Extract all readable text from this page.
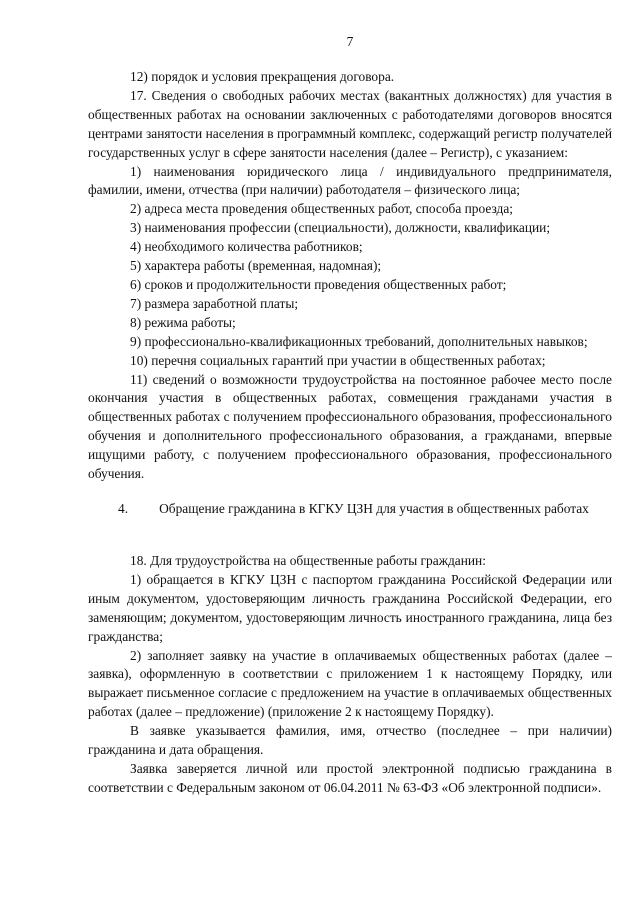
7

12) порядок и условия прекращения договора.

17. Сведения о свободных рабочих местах (вакантных должностях) для участия в общественных работах на основании заключенных с работодателями договоров вносятся центрами занятости населения в программный комплекс, содержащий регистр получателей государственных услуг в сфере занятости населения (далее – Регистр), с указанием:

1) наименования юридического лица / индивидуального предпринимателя, фамилии, имени, отчества (при наличии) работодателя – физического лица;

2) адреса места проведения общественных работ, способа проезда;

3) наименования профессии (специальности), должности, квалификации;

4) необходимого количества работников;

5) характера работы (временная, надомная);

6) сроков и продолжительности проведения общественных работ;

7) размера заработной платы;

8) режима работы;

9) профессионально-квалификационных требований, дополнительных навыков;

10) перечня социальных гарантий при участии в общественных работах;

11) сведений о возможности трудоустройства на постоянное рабочее место после окончания участия в общественных работах, совмещения гражданами участия в общественных работах с получением профессионального образования, профессионального обучения и дополнительного профессионального образования, а гражданами, впервые ищущими работу, с получением профессионального образования, профессионального обучения.

4.	Обращение гражданина в КГКУ ЦЗН для участия в общественных работах

18. Для трудоустройства на общественные работы гражданин:

1) обращается в КГКУ ЦЗН с паспортом гражданина Российской Федерации или иным документом, удостоверяющим личность гражданина Российской Федерации, его заменяющим; документом, удостоверяющим личность иностранного гражданина, лица без гражданства;

2) заполняет заявку на участие в оплачиваемых общественных работах (далее – заявка), оформленную в соответствии с приложением 1 к настоящему Порядку, или выражает письменное согласие с предложением на участие в оплачиваемых общественных работах (далее – предложение) (приложение 2 к настоящему Порядку).

В заявке указывается фамилия, имя, отчество (последнее – при наличии) гражданина и дата обращения.

Заявка заверяется личной или простой электронной подписью гражданина в соответствии с Федеральным законом от 06.04.2011 № 63-ФЗ «Об электронной подписи».
